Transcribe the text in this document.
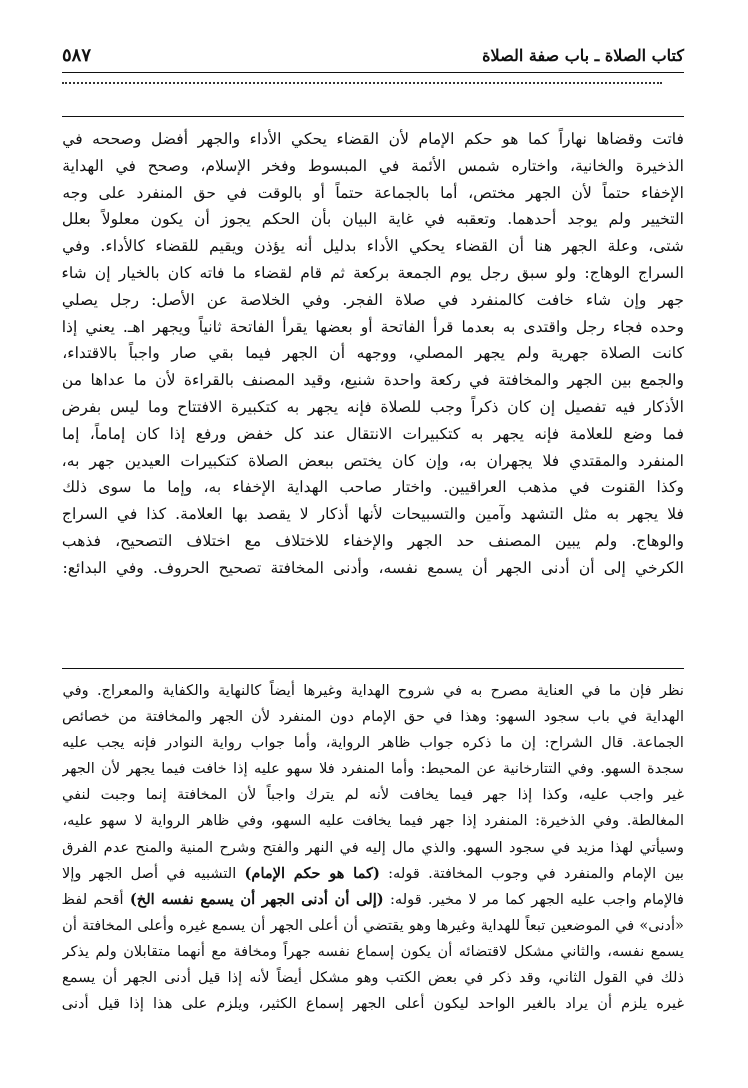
كتاب الصلاة ـ باب صفة الصلاة
٥٨٧
فاتت وقضاها نهاراً كما هو حكم الإمام لأن القضاء يحكي الأداء والجهر أفضل وصححه في
الذخيرة والخانية، واختاره شمس الأئمة في المبسوط وفخر الإسلام، وصحح في الهداية
الإخفاء حتماً لأن الجهر مختص، أما بالجماعة حتماً أو بالوقت في حق المنفرد على وجه
التخيير ولم يوجد أحدهما. وتعقبه في غاية البيان بأن الحكم يجوز أن يكون معلولاً بعلل
شتى، وعلة الجهر هنا أن القضاء يحكي الأداء بدليل أنه يؤذن ويقيم للقضاء كالأداء. وفي
السراج الوهاج: ولو سبق رجل يوم الجمعة بركعة ثم قام لقضاء ما فاته كان بالخيار إن شاء
جهر وإن شاء خافت كالمنفرد في صلاة الفجر. وفي الخلاصة عن الأصل: رجل يصلي
وحده فجاء رجل واقتدى به بعدما قرأ الفاتحة أو بعضها يقرأ الفاتحة ثانياً ويجهر اهـ. يعني إذا
كانت الصلاة جهرية ولم يجهر المصلي، ووجهه أن الجهر فيما بقي صار واجباً بالاقتداء،
والجمع بين الجهر والمخافتة في ركعة واحدة شنيع، وقيد المصنف بالقراءة لأن ما عداها من
الأذكار فيه تفصيل إن كان ذكراً وجب للصلاة فإنه يجهر به كتكبيرة الافتتاح وما ليس بفرض
فما وضع للعلامة فإنه يجهر به كتكبيرات الانتقال عند كل خفض ورفع إذا كان إماماً، إما
المنفرد والمقتدي فلا يجهران به، وإن كان يختص ببعض الصلاة كتكبيرات العيدين جهر به،
وكذا القنوت في مذهب العراقيين. واختار صاحب الهداية الإخفاء به، وإما ما سوى ذلك
فلا يجهر به مثل التشهد وآمين والتسبيحات لأنها أذكار لا يقصد بها العلامة. كذا في السراج
والوهاج. ولم يبين المصنف حد الجهر والإخفاء للاختلاف مع اختلاف التصحيح، فذهب
الكرخي إلى أن أدنى الجهر أن يسمع نفسه، وأدنى المخافتة تصحيح الحروف. وفي البدائع:
نظر فإن ما في العناية مصرح به في شروح الهداية وغيرها أيضاً كالنهاية والكفاية والمعراج. وفي
الهداية في باب سجود السهو: وهذا في حق الإمام دون المنفرد لأن الجهر والمخافتة من خصائص
الجماعة. قال الشراح: إن ما ذكره جواب ظاهر الرواية، وأما جواب رواية النوادر فإنه يجب عليه
سجدة السهو. وفي التتارخانية عن المحيط: وأما المنفرد فلا سهو عليه إذا خافت فيما يجهر لأن الجهر
غير واجب عليه، وكذا إذا جهر فيما يخافت لأنه لم يترك واجباً لأن المخافتة إنما وجبت لنفي
المغالطة. وفي الذخيرة: المنفرد إذا جهر فيما يخافت عليه السهو، وفي ظاهر الرواية لا سهو عليه،
وسيأتي لهذا مزيد في سجود السهو. والذي مال إليه في النهر والفتح وشرح المنية والمنح عدم الفرق
بين الإمام والمنفرد في وجوب المخافتة. قوله: (كما هو حكم الإمام) التشبيه في أصل الجهر وإلا
فالإمام واجب عليه الجهر كما مر لا مخير. قوله: (إلى أن أدنى الجهر أن يسمع نفسه الخ) أقحم لفظ
«أدنى» في الموضعين تبعاً للهداية وغيرها وهو يقتضي أن أعلى الجهر أن يسمع غيره وأعلى المخافتة أن
يسمع نفسه، والثاني مشكل لاقتضائه أن يكون إسماع نفسه جهراً ومخافة مع أنهما متقابلان ولم يذكر
ذلك في القول الثاني، وقد ذكر في بعض الكتب وهو مشكل أيضاً لأنه إذا قيل أدنى الجهر أن يسمع
غيره يلزم أن يراد بالغير الواحد ليكون أعلى الجهر إسماع الكثير، ويلزم على هذا إذا قيل أدنى
